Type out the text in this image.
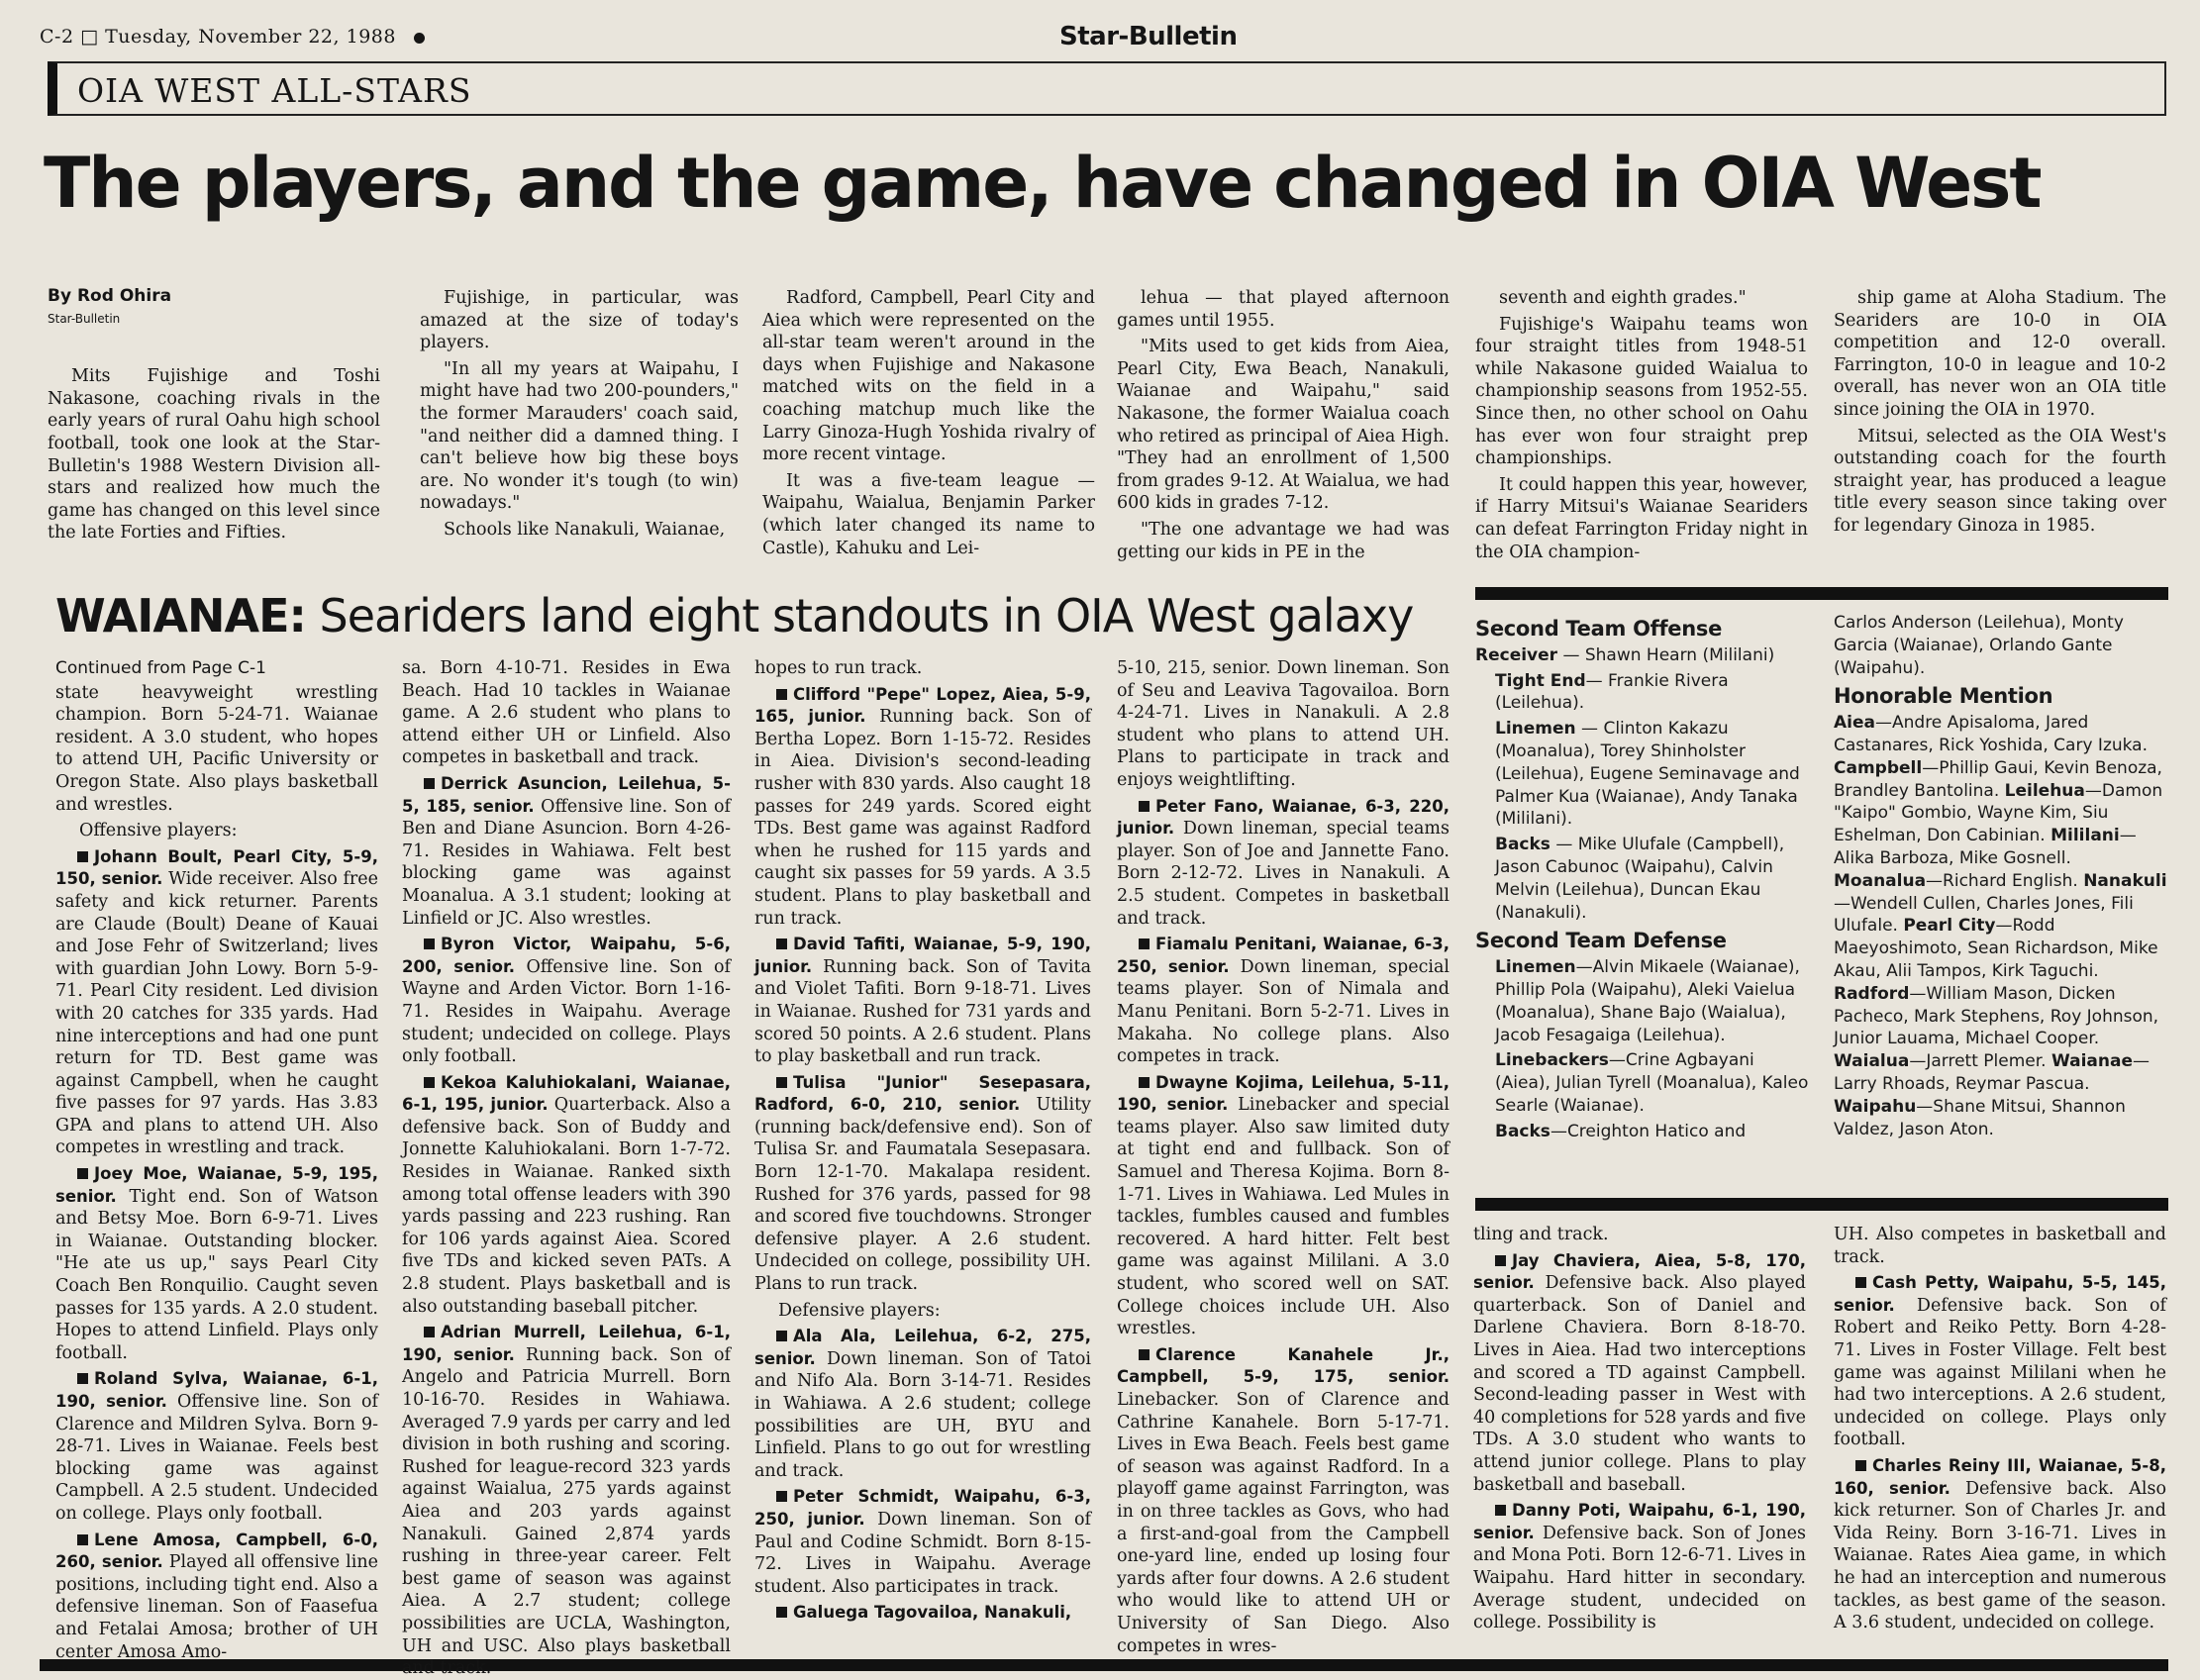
C-2 □ Tuesday, November 22, 1988	Star-Bulletin
OIA WEST ALL-STARS
The players, and the game, have changed in OIA West
By Rod Ohira
Star-Bulletin

Mits Fujishige and Toshi Nakasone, coaching rivals in the early years of rural Oahu high school football, took one look at the Star-Bulletin's 1988 Western Division all-stars and realized how much the game has changed on this level since the late Forties and Fifties.

Fujishige, in particular, was amazed at the size of today's players.

"In all my years at Waipahu, I might have had two 200-pounders," the former Marauders' coach said, "and neither did a damned thing. I can't believe how big these boys are. No wonder it's tough (to win) nowadays."

Schools like Nanakuli, Waianae,

Radford, Campbell, Pearl City and Aiea which were represented on the all-star team weren't around in the days when Fujishige and Nakasone matched wits on the field in a coaching matchup much like the Larry Ginoza-Hugh Yoshida rivalry of more recent vintage.

It was a five-team league — Waipahu, Waialua, Benjamin Parker (which later changed its name to Castle), Kahuku and Lei-

lehua — that played afternoon games until 1955.

"Mits used to get kids from Aiea, Pearl City, Ewa Beach, Nanakuli, Waianae and Waipahu," said Nakasone, the former Waialua coach who retired as principal of Aiea High. "They had an enrollment of 1,500 from grades 9-12. At Waialua, we had 600 kids in grades 7-12.

"The one advantage we had was getting our kids in PE in the

seventh and eighth grades."

Fujishige's Waipahu teams won four straight titles from 1948-51 while Nakasone guided Waialua to championship seasons from 1952-55. Since then, no other school on Oahu has ever won four straight prep championships.

It could happen this year, however, if Harry Mitsui's Waianae Seariders can defeat Farrington Friday night in the OIA champion-

ship game at Aloha Stadium. The Seariders are 10-0 in OIA competition and 12-0 overall. Farrington, 10-0 in league and 10-2 overall, has never won an OIA title since joining the OIA in 1970.

Mitsui, selected as the OIA West's outstanding coach for the fourth straight year, has produced a league title every season since taking over for legendary Ginoza in 1985.

WAIANAE: Seariders land eight standouts in OIA West galaxy
Continued from Page C-1

state heavyweight wrestling champion. Born 5-24-71. Waianae resident. A 3.0 student, who hopes to attend UH, Pacific University or Oregon State. Also plays basketball and wrestles.

Offensive players:

Johann Boult, Pearl City, 5-9, 150, senior. Wide receiver. Also free safety and kick returner. Parents are Claude (Boult) Deane of Kauai and Jose Fehr of Switzerland; lives with guardian John Lowy. Born 5-9-71. Pearl City resident. Led division with 20 catches for 335 yards. Had nine interceptions and had one punt return for TD. Best game was against Campbell, when he caught five passes for 97 yards. Has 3.83 GPA and plans to attend UH. Also competes in wrestling and track.

Joey Moe, Waianae, 5-9, 195, senior. Tight end. Son of Watson and Betsy Moe. Born 6-9-71. Lives in Waianae. Outstanding blocker. "He ate us up," says Pearl City Coach Ben Ronquilio. Caught seven passes for 135 yards. A 2.0 student. Hopes to attend Linfield. Plays only football.

Roland Sylva, Waianae, 6-1, 190, senior. Offensive line. Son of Clarence and Mildren Sylva. Born 9-28-71. Lives in Waianae. Feels best blocking game was against Campbell. A 2.5 student. Undecided on college. Plays only football.

Lene Amosa, Campbell, 6-0, 260, senior. Played all offensive line positions, including tight end. Also a defensive lineman. Son of Faasefua and Fetalai Amosa; brother of UH center Amosa Amo-

sa. Born 4-10-71. Resides in Ewa Beach. Had 10 tackles in Waianae game. A 2.6 student who plans to attend either UH or Linfield. Also competes in basketball and track.

Derrick Asuncion, Leilehua, 5-5, 185, senior. Offensive line. Son of Ben and Diane Asuncion. Born 4-26-71. Resides in Wahiawa. Felt best blocking game was against Moanalua. A 3.1 student; looking at Linfield or JC. Also wrestles.

Byron Victor, Waipahu, 5-6, 200, senior. Offensive line. Son of Wayne and Arden Victor. Born 1-16-71. Resides in Waipahu. Average student; undecided on college. Plays only football.

Kekoa Kaluhiokalani, Waianae, 6-1, 195, junior. Quarterback. Also a defensive back. Son of Buddy and Jonnette Kaluhiokalani. Born 1-7-72. Resides in Waianae. Ranked sixth among total offense leaders with 390 yards passing and 223 rushing. Ran for 106 yards against Aiea. Scored five TDs and kicked seven PATs. A 2.8 student. Plays basketball and is also outstanding baseball pitcher.

Adrian Murrell, Leilehua, 6-1, 190, senior. Running back. Son of Angelo and Patricia Murrell. Born 10-16-70. Resides in Wahiawa. Averaged 7.9 yards per carry and led division in both rushing and scoring. Rushed for league-record 323 yards against Waialua, 275 yards against Aiea and 203 yards against Nanakuli. Gained 2,874 yards rushing in three-year career. Felt best game of season was against Aiea. A 2.7 student; college possibilities are UCLA, Washington, UH and USC. Also plays basketball and track.

hopes to run track.

Clifford "Pepe" Lopez, Aiea, 5-9, 165, junior. Running back. Son of Bertha Lopez. Born 1-15-72. Resides in Aiea. Division's second-leading rusher with 830 yards. Also caught 18 passes for 249 yards. Scored eight TDs. Best game was against Radford when he rushed for 115 yards and caught six passes for 59 yards. A 3.5 student. Plans to play basketball and run track.

David Tafiti, Waianae, 5-9, 190, junior. Running back. Son of Tavita and Violet Tafiti. Born 9-18-71. Lives in Waianae. Rushed for 731 yards and scored 50 points. A 2.6 student. Plans to play basketball and run track.

Tulisa "Junior" Sesepasara, Radford, 6-0, 210, senior. Utility (running back/defensive end). Son of Tulisa Sr. and Faumatala Sesepasara. Born 12-1-70. Makalapa resident. Rushed for 376 yards, passed for 98 and scored five touchdowns. Stronger defensive player. A 2.6 student. Undecided on college, possibility UH. Plans to run track.

Defensive players:

Ala Ala, Leilehua, 6-2, 275, senior. Down lineman. Son of Tatoi and Nifo Ala. Born 3-14-71. Resides in Wahiawa. A 2.6 student; college possibilities are UH, BYU and Linfield. Plans to go out for wrestling and track.

Peter Schmidt, Waipahu, 6-3, 250, junior. Down lineman. Son of Paul and Codine Schmidt. Born 8-15-72. Lives in Waipahu. Average student. Also participates in track.

Galuega Tagovailoa, Nanakuli,

5-10, 215, senior. Down lineman. Son of Seu and Leaviva Tagovailoa. Born 4-24-71. Lives in Nanakuli. A 2.8 student who plans to attend UH. Plans to participate in track and enjoys weightlifting.

Peter Fano, Waianae, 6-3, 220, junior. Down lineman, special teams player. Son of Joe and Jannette Fano. Born 2-12-72. Lives in Nanakuli. A 2.5 student. Competes in basketball and track.

Fiamalu Penitani, Waianae, 6-3, 250, senior. Down lineman, special teams player. Son of Nimala and Manu Penitani. Born 5-2-71. Lives in Makaha. No college plans. Also competes in track.

Dwayne Kojima, Leilehua, 5-11, 190, senior. Linebacker and special teams player. Also saw limited duty at tight end and fullback. Son of Samuel and Theresa Kojima. Born 8-1-71. Lives in Wahiawa. Led Mules in tackles, fumbles caused and fumbles recovered. A hard hitter. Felt best game was against Mililani. A 3.0 student, who scored well on SAT. College choices include UH. Also wrestles.

Clarence Kanahele Jr., Campbell, 5-9, 175, senior. Linebacker. Son of Clarence and Cathrine Kanahele. Born 5-17-71. Lives in Ewa Beach. Feels best game of season was against Radford. In a playoff game against Farrington, was in on three tackles as Govs, who had a first-and-goal from the Campbell one-yard line, ended up losing four yards after four downs. A 2.6 student who would like to attend UH or University of San Diego. Also competes in wres-

tling and track.

Jay Chaviera, Aiea, 5-8, 170, senior. Defensive back. Also played quarterback. Son of Daniel and Darlene Chaviera. Born 8-18-70. Lives in Aiea. Had two interceptions and scored a TD against Campbell. Second-leading passer in West with 40 completions for 528 yards and five TDs. A 3.0 student who wants to attend junior college. Plans to play basketball and baseball.

Danny Poti, Waipahu, 6-1, 190, senior. Defensive back. Son of Jones and Mona Poti. Born 12-6-71. Lives in Waipahu. Hard hitter in secondary. Average student, undecided on college. Possibility is

UH. Also competes in basketball and track.

Cash Petty, Waipahu, 5-5, 145, senior. Defensive back. Son of Robert and Reiko Petty. Born 4-28-71. Lives in Foster Village. Felt best game was against Mililani when he had two interceptions. A 2.6 student, undecided on college. Plays only football.

Charles Reiny III, Waianae, 5-8, 160, senior. Defensive back. Also kick returner. Son of Charles Jr. and Vida Reiny. Born 3-16-71. Lives in Waianae. Rates Aiea game, in which he had an interception and numerous tackles, as best game of the season. A 3.6 student, undecided on college.

Second Team Offense

Receiver — Shawn Hearn (Mililani)

Tight End— Frankie Rivera (Leilehua).

Linemen — Clinton Kakazu (Moanalua), Torey Shinholster (Leilehua), Eugene Seminavage and Palmer Kua (Waianae), Andy Tanaka (Mililani).

Backs — Mike Ulufale (Campbell), Jason Cabunoc (Waipahu), Calvin Melvin (Leilehua), Duncan Ekau (Nanakuli).

Second Team Defense

Linemen—Alvin Mikaele (Waianae), Phillip Pola (Waipahu), Aleki Vaielua (Moanalua), Shane Bajo (Waialua), Jacob Fesagaiga (Leilehua).

Linebackers—Crine Agbayani (Aiea), Julian Tyrell (Moanalua), Kaleo Searle (Waianae).

Backs—Creighton Hatico and

Carlos Anderson (Leilehua), Monty Garcia (Waianae), Orlando Gante (Waipahu).

Honorable Mention

Aiea—Andre Apisaloma, Jared Castanares, Rick Yoshida, Cary Izuka. Campbell—Phillip Gaui, Kevin Benoza, Brandley Bantolina. Leilehua—Damon "Kaipo" Gombio, Wayne Kim, Siu Eshelman, Don Cabinian. Mililani—Alika Barboza, Mike Gosnell. Moanalua—Richard English. Nanakuli—Wendell Cullen, Charles Jones, Fili Ulufale. Pearl City—Rodd Maeyoshimoto, Sean Richardson, Mike Akau, Alii Tampos, Kirk Taguchi. Radford—William Mason, Dicken Pacheco, Mark Stephens, Roy Johnson, Junior Lauama, Michael Cooper. Waialua—Jarrett Plemer. Waianae—Larry Rhoads, Reymar Pascua. Waipahu—Shane Mitsui, Shannon Valdez, Jason Aton.
